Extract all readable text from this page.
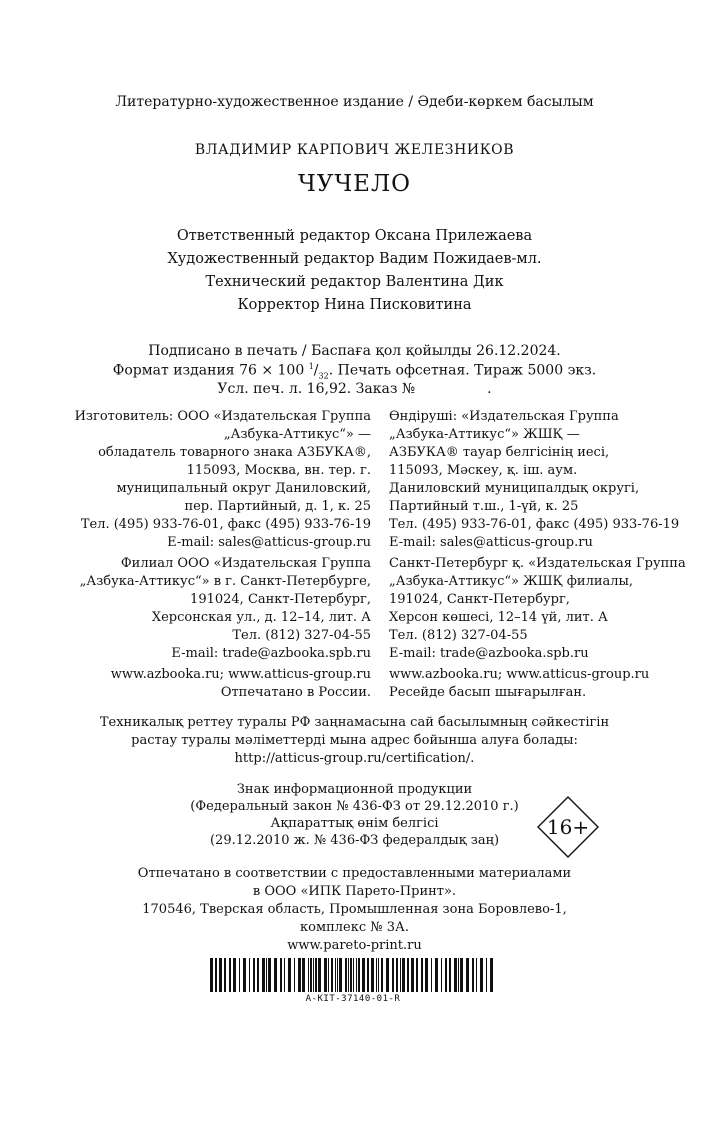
Литературно-художественное издание / Әдеби-көркем басылым
ВЛАДИМИР КАРПОВИЧ ЖЕЛЕЗНИКОВ
ЧУЧЕЛО
Ответственный редактор Оксана Прилежаева
Художественный редактор Вадим Пожидаев-мл.
Технический редактор Валентина Дик
Корректор Нина Писковитина
Подписано в печать / Баспаға қол қойылды 26.12.2024.
Формат издания 76 × 100 $^1/_{32}$. Печать офсетная. Тираж 5000 экз.
Усл. печ. л. 16,92. Заказ №	.
Изготовитель: ООО «Издательская Группа
„Азбука-Аттикус“» —
обладатель товарного знака АЗБУКА®,
115093, Москва, вн. тер. г.
муниципальный округ Даниловский,
пер. Партийный, д. 1, к. 25
Тел. (495) 933-76-01, факс (495) 933-76-19
E-mail: sales@atticus-group.ru
Өндіруші: «Издательская Группа
„Азбука-Аттикус“» ЖШҚ —
АЗБУКА® тауар белгісінің иесі,
115093, Мәскеу, қ. іш. аум.
Даниловский муниципалдық округі,
Партийный т.ш., 1-үй, к. 25
Тел. (495) 933-76-01, факс (495) 933-76-19
E-mail: sales@atticus-group.ru
Филиал ООО «Издательская Группа
„Азбука-Аттикус“» в г. Санкт-Петербурге,
191024, Санкт-Петербург,
Херсонская ул., д. 12–14, лит. А
Тел. (812) 327-04-55
E-mail: trade@azbooka.spb.ru
Санкт-Петербург қ. «Издательская Группа
„Азбука-Аттикус“» ЖШҚ филиалы,
191024, Санкт-Петербург,
Херсон көшесі, 12–14 үй, лит. А
Тел. (812) 327-04-55
E-mail: trade@azbooka.spb.ru
www.azbooka.ru; www.atticus-group.ru
Отпечатано в России.
www.azbooka.ru; www.atticus-group.ru
Ресейде басып шығарылған.
Техникалық реттеу туралы РФ заңнамасына сай басылымның сәйкестігін
растау туралы мәліметтерді мына адрес бойынша алуға болады:
http://atticus-group.ru/certification/.
Знак информационной продукции
(Федеральный закон № 436-ФЗ от 29.12.2010 г.)
Ақпараттық өнім белгісі
(29.12.2010 ж. № 436-ФЗ федералдық заң)
16+
Отпечатано в соответствии с предоставленными материалами
в ООО «ИПК Парето-Принт».
170546, Тверская область, Промышленная зона Боровлево-1,
комплекс № 3А.
www.pareto-print.ru
A-KIT-37140-01-R
